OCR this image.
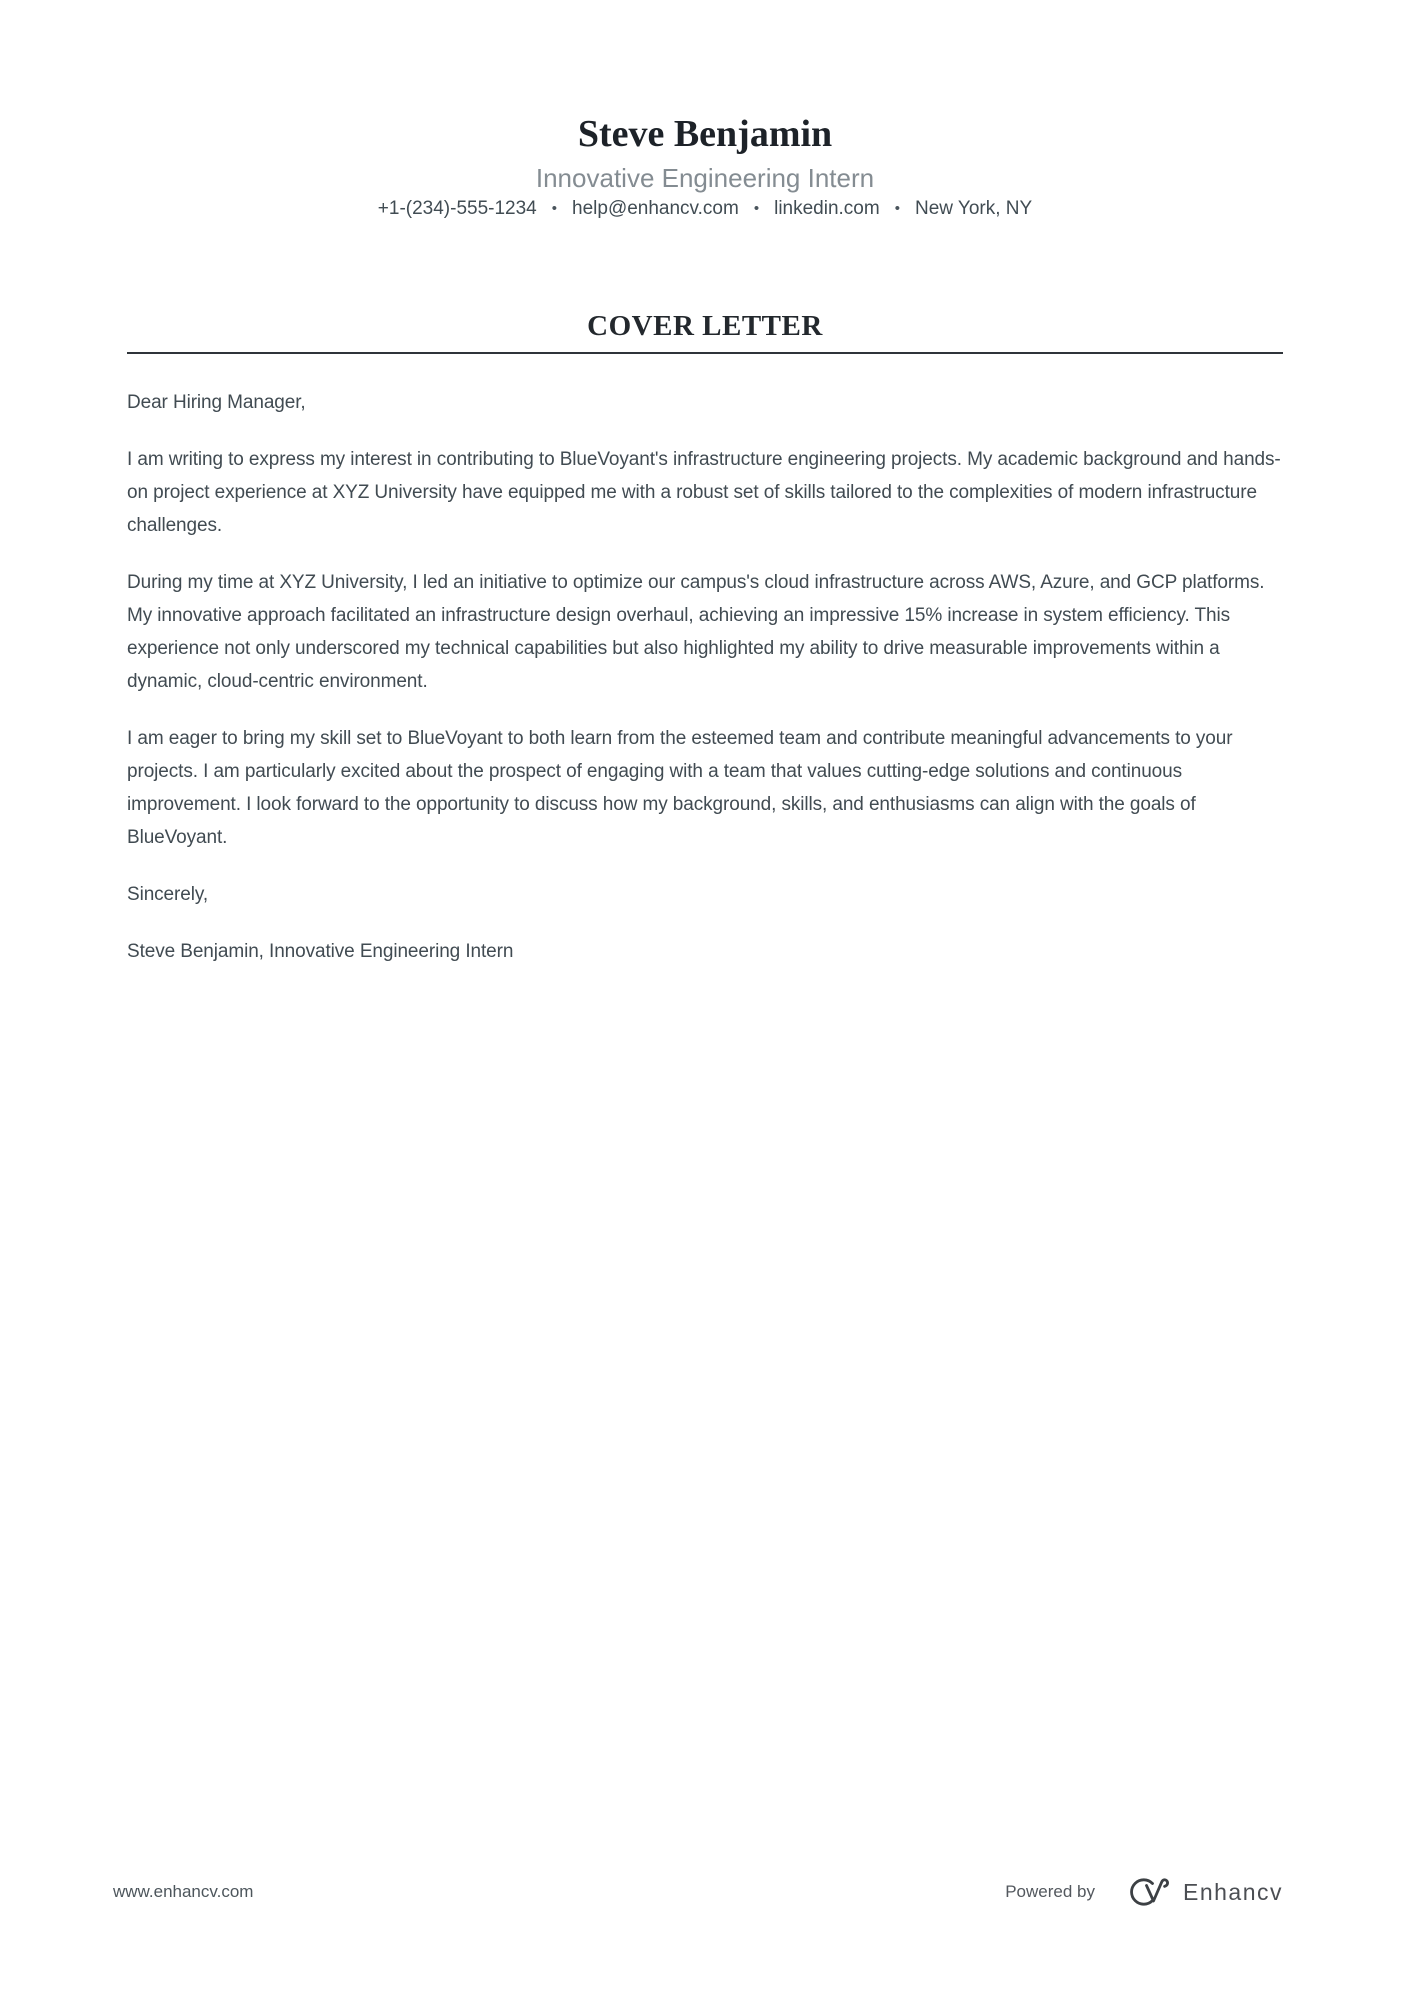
Steve Benjamin
Innovative Engineering Intern
+1-(234)-555-1234 • help@enhancv.com • linkedin.com • New York, NY
COVER LETTER

Dear Hiring Manager,

I am writing to express my interest in contributing to BlueVoyant's infrastructure engineering projects. My academic background and hands-on project experience at XYZ University have equipped me with a robust set of skills tailored to the complexities of modern infrastructure challenges.

During my time at XYZ University, I led an initiative to optimize our campus's cloud infrastructure across AWS, Azure, and GCP platforms. My innovative approach facilitated an infrastructure design overhaul, achieving an impressive 15% increase in system efficiency. This experience not only underscored my technical capabilities but also highlighted my ability to drive measurable improvements within a dynamic, cloud-centric environment.

I am eager to bring my skill set to BlueVoyant to both learn from the esteemed team and contribute meaningful advancements to your projects. I am particularly excited about the prospect of engaging with a team that values cutting-edge solutions and continuous improvement. I look forward to the opportunity to discuss how my background, skills, and enthusiasms can align with the goals of BlueVoyant.

Sincerely,

Steve Benjamin, Innovative Engineering Intern

www.enhancv.com	Powered by	Enhancv
